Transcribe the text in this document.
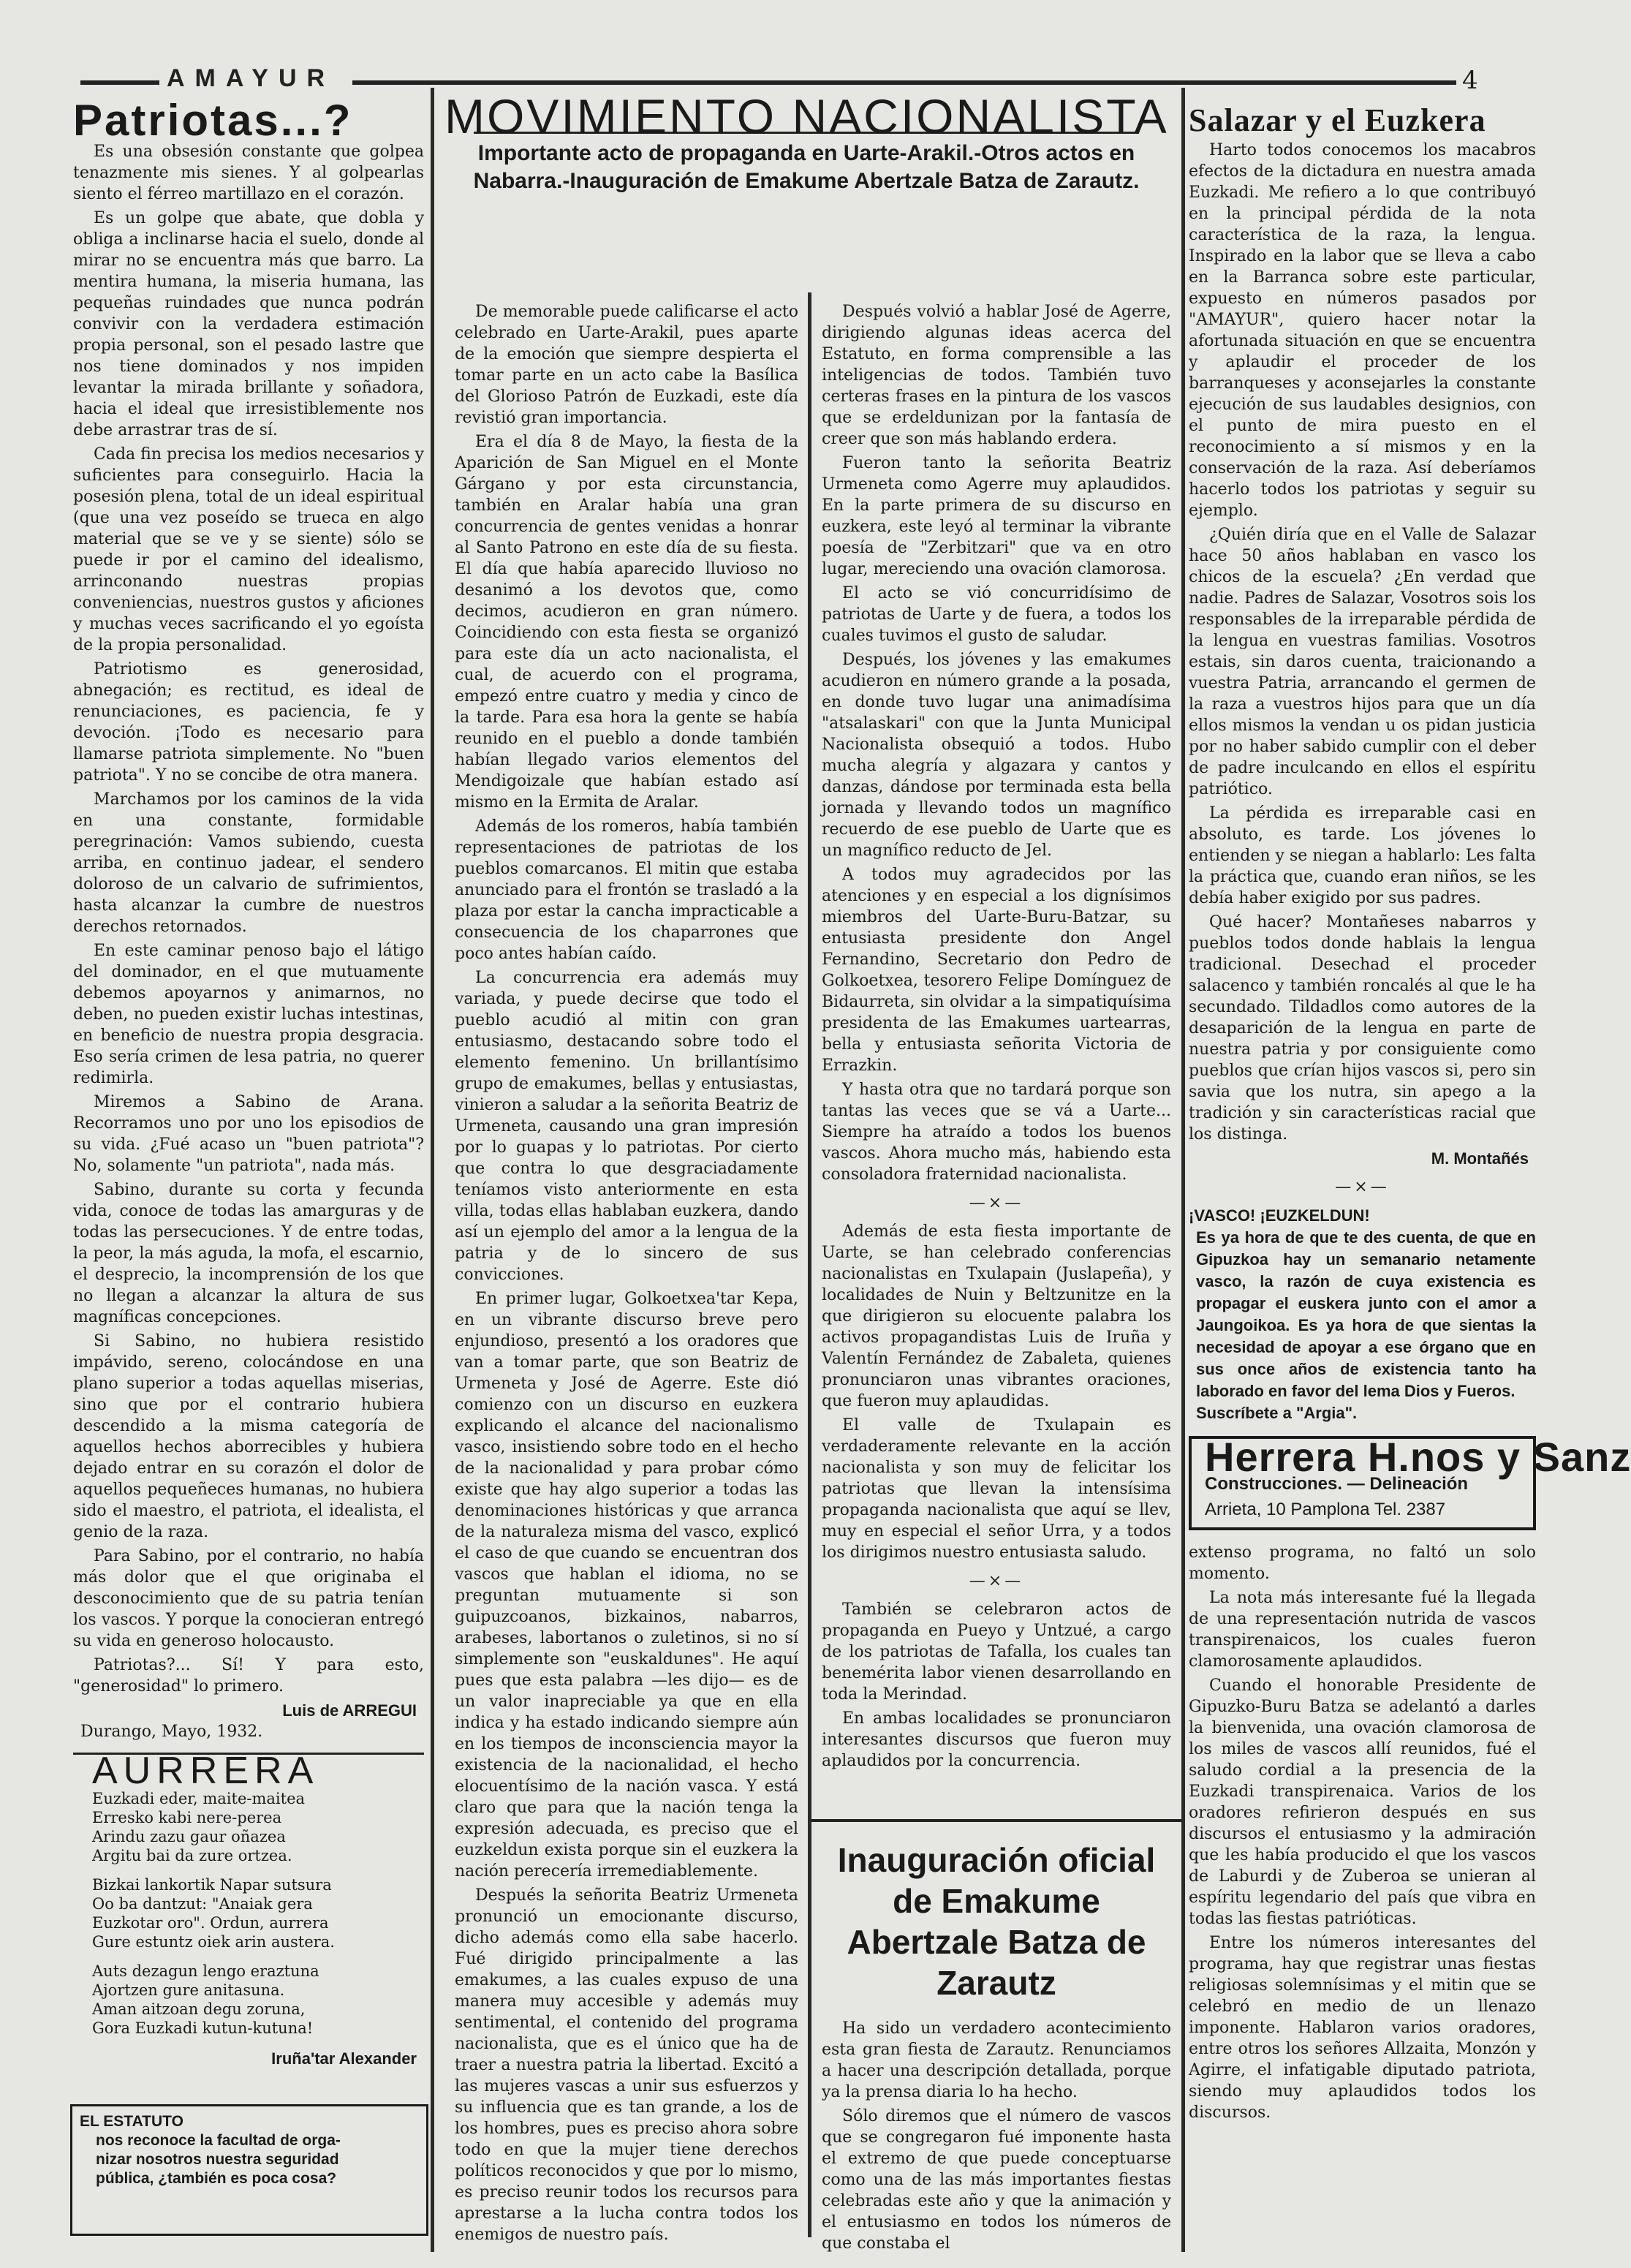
AMAYUR	4
Patriotas...?

Es una obsesión constante que golpea tenazmente mis sienes. Y al golpearlas siento el férreo martillazo en el corazón.

Es un golpe que abate, que dobla y obliga a inclinarse hacia el suelo, donde al mirar no se encuentra más que barro. La mentira humana, la miseria humana, las pequeñas ruindades que nunca podrán convivir con la verdadera estimación propia personal, son el pesado lastre que nos tiene dominados y nos impiden levantar la mirada brillante y soñadora, hacia el ideal que irresistiblemente nos debe arrastrar tras de sí.

Cada fin precisa los medios necesarios y suficientes para conseguirlo. Hacia la posesión plena, total de un ideal espiritual (que una vez poseído se trueca en algo material que se ve y se siente) sólo se puede ir por el camino del idealismo, arrinconando nuestras propias conveniencias, nuestros gustos y aficiones y muchas veces sacrificando el yo egoísta de la propia personalidad.

Patriotismo es generosidad, abnegación; es rectitud, es ideal de renunciaciones, es paciencia, fe y devoción. ¡Todo es necesario para llamarse patriota simplemente. No "buen patriota". Y no se concibe de otra manera.

Marchamos por los caminos de la vida en una constante, formidable peregrinación: Vamos subiendo, cuesta arriba, en continuo jadear, el sendero doloroso de un calvario de sufrimientos, hasta alcanzar la cumbre de nuestros derechos retornados.

En este caminar penoso bajo el látigo del dominador, en el que mutuamente debemos apoyarnos y animarnos, no deben, no pueden existir luchas intestinas, en beneficio de nuestra propia desgracia. Eso sería crimen de lesa patria, no querer redimirla.

Miremos a Sabino de Arana. Recorramos uno por uno los episodios de su vida. ¿Fué acaso un "buen patriota"? No, solamente "un patriota", nada más.

Sabino, durante su corta y fecunda vida, conoce de todas las amarguras y de todas las persecuciones. Y de entre todas, la peor, la más aguda, la mofa, el escarnio, el desprecio, la incomprensión de los que no llegan a alcanzar la altura de sus magníficas concepciones.

Si Sabino, no hubiera resistido impávido, sereno, colocándose en una plano superior a todas aquellas miserias, sino que por el contrario hubiera descendido a la misma categoría de aquellos hechos aborrecibles y hubiera dejado entrar en su corazón el dolor de aquellos pequeñeces humanas, no hubiera sido el maestro, el patriota, el idealista, el genio de la raza.

Para Sabino, por el contrario, no había más dolor que el que originaba el desconocimiento que de su patria tenían los vascos. Y porque la conocieran entregó su vida en generoso holocausto.

Patriotas?... Sí! Y para esto, "generosidad" lo primero.

Luis de ARREGUI
Durango, Mayo, 1932.
AURRERA
Euzkadi eder, maite-maitea
Erresko kabi nere-perea
Arindu zazu gaur oñazea
Argitu bai da zure ortzea.
Bizkai lankortik Napar sutsura
Oo ba dantzut: "Anaiak gera
Euzkotar oro". Ordun, aurrera
Gure estuntz oiek arin austera.
Auts dezagun lengo eraztuna
Ajortzen gure anitasuna.
Aman aitzoan degu zoruna,
Gora Euzkadi kutun-kutuna!
Iruña'tar Alexander
EL ESTATUTO
nos reconoce la facultad de orga-
nizar nosotros nuestra seguridad
pública, ¿también es poca cosa?
MOVIMIENTO NACIONALISTA
Importante acto de propaganda en Uarte-Arakil.-Otros actos en Nabarra.-Inauguración de Emakume Abertzale Batza de Zarautz.

De memorable puede calificarse el acto celebrado en Uarte-Arakil, pues aparte de la emoción que siempre despierta el tomar parte en un acto cabe la Basílica del Glorioso Patrón de Euzkadi, este día revistió gran importancia.

Era el día 8 de Mayo, la fiesta de la Aparición de San Miguel en el Monte Gárgano y por esta circunstancia, también en Aralar había una gran concurrencia de gentes venidas a honrar al Santo Patrono en este día de su fiesta. El día que había aparecido lluvioso no desanimó a los devotos que, como decimos, acudieron en gran número. Coincidiendo con esta fiesta se organizó para este día un acto nacionalista, el cual, de acuerdo con el programa, empezó entre cuatro y media y cinco de la tarde. Para esa hora la gente se había reunido en el pueblo a donde también habían llegado varios elementos del Mendigoizale que habían estado así mismo en la Ermita de Aralar.

Además de los romeros, había también representaciones de patriotas de los pueblos comarcanos. El mitin que estaba anunciado para el frontón se trasladó a la plaza por estar la cancha impracticable a consecuencia de los chaparrones que poco antes habían caído.

La concurrencia era además muy variada, y puede decirse que todo el pueblo acudió al mitin con gran entusiasmo, destacando sobre todo el elemento femenino. Un brillantísimo grupo de emakumes, bellas y entusiastas, vinieron a saludar a la señorita Beatriz de Urmeneta, causando una gran impresión por lo guapas y lo patriotas. Por cierto que contra lo que desgraciadamente teníamos visto anteriormente en esta villa, todas ellas hablaban euzkera, dando así un ejemplo del amor a la lengua de la patria y de lo sincero de sus convicciones.

En primer lugar, Golkoetxea'tar Kepa, en un vibrante discurso breve pero enjundioso, presentó a los oradores que van a tomar parte, que son Beatriz de Urmeneta y José de Agerre. Este dió comienzo con un discurso en euzkera explicando el alcance del nacionalismo vasco, insistiendo sobre todo en el hecho de la nacionalidad y para probar cómo existe que hay algo superior a todas las denominaciones históricas y que arranca de la naturaleza misma del vasco, explicó el caso de que cuando se encuentran dos vascos que hablan el idioma, no se preguntan mutuamente si son guipuzcoanos, bizkainos, nabarros, arabeses, labortanos o zuletinos, si no sí simplemente son "euskaldunes". He aquí pues que esta palabra —les dijo— es de un valor inapreciable ya que en ella indica y ha estado indicando siempre aún en los tiempos de inconsciencia mayor la existencia de la nacionalidad, el hecho elocuentísimo de la nación vasca. Y está claro que para que la nación tenga la expresión adecuada, es preciso que el euzkeldun exista porque sin el euzkera la nación perecería irremediablemente.

Después la señorita Beatriz Urmeneta pronunció un emocionante discurso, dicho además como ella sabe hacerlo. Fué dirigido principalmente a las emakumes, a las cuales expuso de una manera muy accesible y además muy sentimental, el contenido del programa nacionalista, que es el único que ha de traer a nuestra patria la libertad. Excitó a las mujeres vascas a unir sus esfuerzos y su influencia que es tan grande, a los de los hombres, pues es preciso ahora sobre todo en que la mujer tiene derechos políticos reconocidos y que por lo mismo, es preciso reunir todos los recursos para aprestarse a la lucha contra todos los enemigos de nuestro país.

Después volvió a hablar José de Agerre, dirigiendo algunas ideas acerca del Estatuto, en forma comprensible a las inteligencias de todos. También tuvo certeras frases en la pintura de los vascos que se erdeldunizan por la fantasía de creer que son más hablando erdera.

Fueron tanto la señorita Beatriz Urmeneta como Agerre muy aplaudidos. En la parte primera de su discurso en euzkera, este leyó al terminar la vibrante poesía de "Zerbitzari" que va en otro lugar, mereciendo una ovación clamorosa.

El acto se vió concurridísimo de patriotas de Uarte y de fuera, a todos los cuales tuvimos el gusto de saludar.

Después, los jóvenes y las emakumes acudieron en número grande a la posada, en donde tuvo lugar una animadísima "atsalaskari" con que la Junta Municipal Nacionalista obsequió a todos. Hubo mucha alegría y algazara y cantos y danzas, dándose por terminada esta bella jornada y llevando todos un magnífico recuerdo de ese pueblo de Uarte que es un magnífico reducto de Jel.

A todos muy agradecidos por las atenciones y en especial a los dignísimos miembros del Uarte-Buru-Batzar, su entusiasta presidente don Angel Fernandino, Secretario don Pedro de Golkoetxea, tesorero Felipe Domínguez de Bidaurreta, sin olvidar a la simpatiquísima presidenta de las Emakumes uartearras, bella y entusiasta señorita Victoria de Errazkin.

Y hasta otra que no tardará porque son tantas las veces que se vá a Uarte... Siempre ha atraído a todos los buenos vascos. Ahora mucho más, habiendo esta consoladora fraternidad nacionalista.

—×—

Además de esta fiesta importante de Uarte, se han celebrado conferencias nacionalistas en Txulapain (Juslapeña), y localidades de Nuin y Beltzunitze en la que dirigieron su elocuente palabra los activos propagandistas Luis de Iruña y Valentín Fernández de Zabaleta, quienes pronunciaron unas vibrantes oraciones, que fueron muy aplaudidas.

El valle de Txulapain es verdaderamente relevante en la acción nacionalista y son muy de felicitar los patriotas que llevan la intensísima propaganda nacionalista que aquí se llev, muy en especial el señor Urra, y a todos los dirigimos nuestro entusiasta saludo.

—×—

También se celebraron actos de propaganda en Pueyo y Untzué, a cargo de los patriotas de Tafalla, los cuales tan benemérita labor vienen desarrollando en toda la Merindad.

En ambas localidades se pronunciaron interesantes discursos que fueron muy aplaudidos por la concurrencia.

Inauguración oficial de Emakume Abertzale Batza de Zarautz

Ha sido un verdadero acontecimiento esta gran fiesta de Zarautz. Renunciamos a hacer una descripción detallada, porque ya la prensa diaria lo ha hecho.

Sólo diremos que el número de vascos que se congregaron fué imponente hasta el extremo de que puede conceptuarse como una de las más importantes fiestas celebradas este año y que la animación y el entusiasmo en todos los números de que constaba el

Salazar y el Euzkera

Harto todos conocemos los macabros efectos de la dictadura en nuestra amada Euzkadi. Me refiero a lo que contribuyó en la principal pérdida de la nota característica de la raza, la lengua. Inspirado en la labor que se lleva a cabo en la Barranca sobre este particular, expuesto en números pasados por "AMAYUR", quiero hacer notar la afortunada situación en que se encuentra y aplaudir el proceder de los barranqueses y aconsejarles la constante ejecución de sus laudables designios, con el punto de mira puesto en el reconocimiento a sí mismos y en la conservación de la raza. Así deberíamos hacerlo todos los patriotas y seguir su ejemplo.

¿Quién diría que en el Valle de Salazar hace 50 años hablaban en vasco los chicos de la escuela? ¿En verdad que nadie. Padres de Salazar, Vosotros sois los responsables de la irreparable pérdida de la lengua en vuestras familias. Vosotros estais, sin daros cuenta, traicionando a vuestra Patria, arrancando el germen de la raza a vuestros hijos para que un día ellos mismos la vendan u os pidan justicia por no haber sabido cumplir con el deber de padre inculcando en ellos el espíritu patriótico.

La pérdida es irreparable casi en absoluto, es tarde. Los jóvenes lo entienden y se niegan a hablarlo: Les falta la práctica que, cuando eran niños, se les debía haber exigido por sus padres.

Qué hacer? Montañeses nabarros y pueblos todos donde hablais la lengua tradicional. Desechad el proceder salacenco y también roncalés al que le ha secundado. Tildadlos como autores de la desaparición de la lengua en parte de nuestra patria y por consiguiente como pueblos que crían hijos vascos si, pero sin savia que los nutra, sin apego a la tradición y sin características racial que los distinga.

M. Montañés
—×—
¡VASCO! ¡EUZKELDUN!
Es ya hora de que te des cuenta, de que en Gipuzkoa hay un semanario netamente vasco, la razón de cuya existencia es propagar el euskera junto con el amor a Jaungoikoa. Es ya hora de que sientas la necesidad de apoyar a ese órgano que en sus once años de existencia tanto ha laborado en favor del lema Dios y Fueros.
Suscríbete a "Argia".
Herrera H.nos y Sanz
Construcciones. — Delineación
Arrieta, 10 Pamplona Tel. 2387

extenso programa, no faltó un solo momento.

La nota más interesante fué la llegada de una representación nutrida de vascos transpirenaicos, los cuales fueron clamorosamente aplaudidos.

Cuando el honorable Presidente de Gipuzko-Buru Batza se adelantó a darles la bienvenida, una ovación clamorosa de los miles de vascos allí reunidos, fué el saludo cordial a la presencia de la Euzkadi transpirenaica. Varios de los oradores refirieron después en sus discursos el entusiasmo y la admiración que les había producido el que los vascos de Laburdi y de Zuberoa se unieran al espíritu legendario del país que vibra en todas las fiestas patrióticas.

Entre los números interesantes del programa, hay que registrar unas fiestas religiosas solemnísimas y el mitin que se celebró en medio de un llenazo imponente. Hablaron varios oradores, entre otros los señores Allzaita, Monzón y Agirre, el infatigable diputado patriota, siendo muy aplaudidos todos los discursos.
